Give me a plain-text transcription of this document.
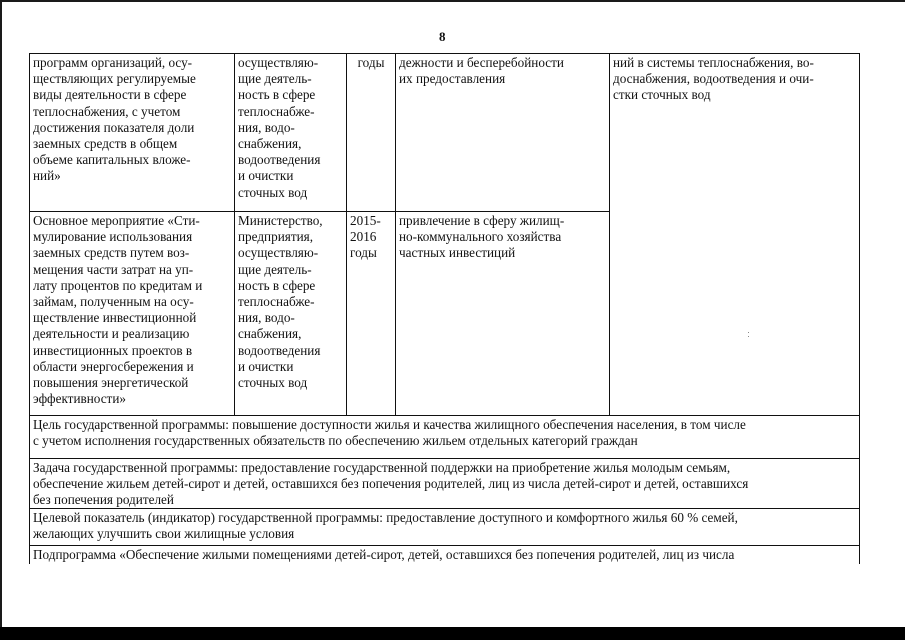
8
программ организаций, осу-
ществляющих регулируемые
виды деятельности в сфере
теплоснабжения, с учетом
достижения показателя доли
заемных средств в общем
объеме капитальных вложе-
ний»
осуществляю-
щие деятель-
ность в сфере
теплоснабже-
ния, водо-
снабжения,
водоотведения
и очистки
сточных вод
годы	дежности и бесперебойности
их предоставления
ний в системы теплоснабжения, во-
доснабжения, водоотведения и очи-
стки сточных вод
Основное мероприятие «Сти-
мулирование использования
заемных средств путем воз-
мещения части затрат на уп-
лату процентов по кредитам и
займам, полученным на осу-
ществление инвестиционной
деятельности и реализацию
инвестиционных проектов в
области энергосбережения и
повышения энергетической
эффективности»
Министерство,
предприятия,
осуществляю-
щие деятель-
ность в сфере
теплоснабже-
ния, водо-
снабжения,
водоотведения
и очистки
сточных вод
2015-
2016
годы
привлечение в сферу жилищ-
но-коммунального хозяйства
частных инвестиций
Цель государственной программы: повышение доступности жилья и качества жилищного обеспечения населения, в том числе
с учетом исполнения государственных обязательств по обеспечению жильем отдельных категорий граждан
Задача государственной программы: предоставление государственной поддержки на приобретение жилья молодым семьям,
обеспечение жильем детей-сирот и детей, оставшихся без попечения родителей, лиц из числа детей-сирот и детей, оставшихся
без попечения родителей
Целевой показатель (индикатор) государственной программы: предоставление доступного и комфортного жилья 60 % семей,
желающих улучшить свои жилищные условия
Подпрограмма «Обеспечение жилыми помещениями детей-сирот, детей, оставшихся без попечения родителей, лиц из числа
